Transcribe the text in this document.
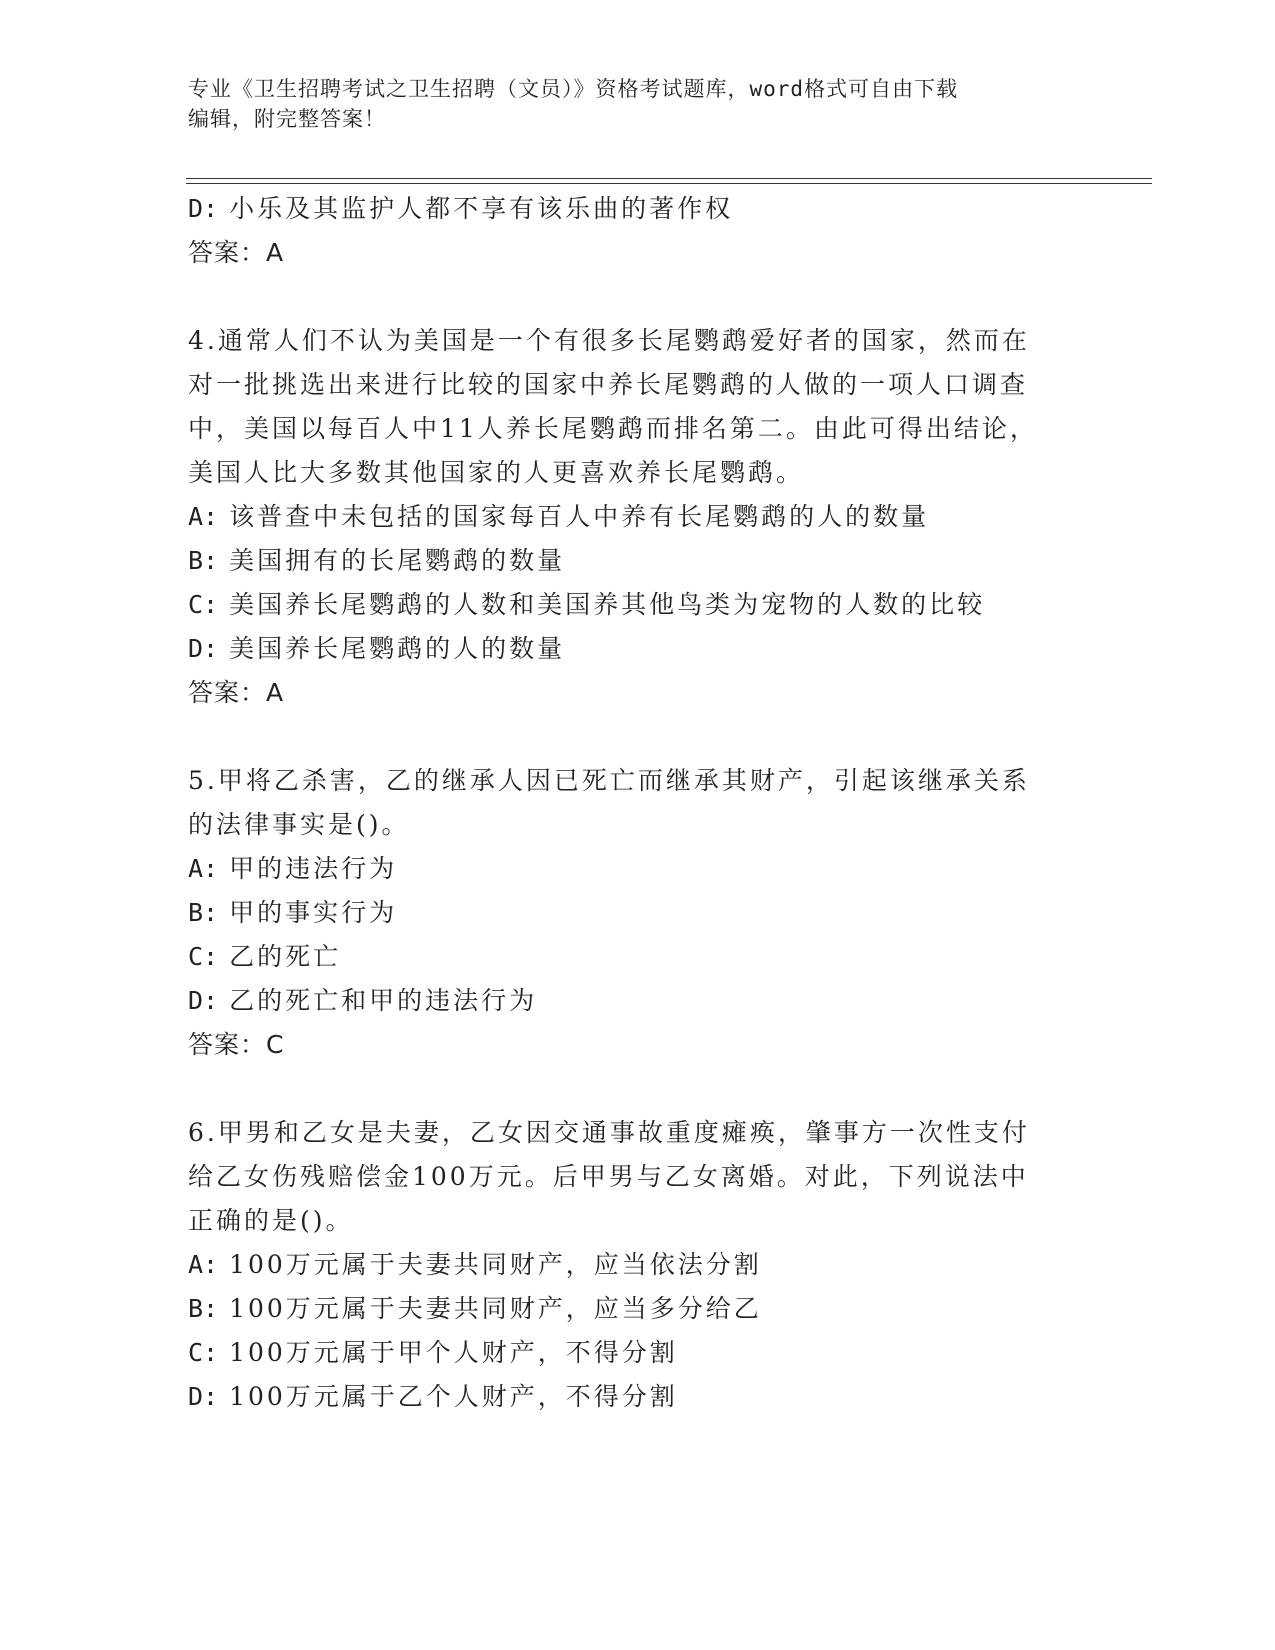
专业《卫生招聘考试之卫生招聘（文员）》资格考试题库，word格式可自由下载
编辑，附完整答案！
D: 小乐及其监护人都不享有该乐曲的著作权
答案：A
4.通常人们不认为美国是一个有很多长尾鹦鹉爱好者的国家，然而在
对一批挑选出来进行比较的国家中养长尾鹦鹉的人做的一项人口调查
中，美国以每百人中11人养长尾鹦鹉而排名第二。由此可得出结论，
美国人比大多数其他国家的人更喜欢养长尾鹦鹉。
A: 该普查中未包括的国家每百人中养有长尾鹦鹉的人的数量
B: 美国拥有的长尾鹦鹉的数量
C: 美国养长尾鹦鹉的人数和美国养其他鸟类为宠物的人数的比较
D: 美国养长尾鹦鹉的人的数量
答案：A
5.甲将乙杀害，乙的继承人因已死亡而继承其财产，引起该继承关系
的法律事实是()。
A: 甲的违法行为
B: 甲的事实行为
C: 乙的死亡
D: 乙的死亡和甲的违法行为
答案：C
6.甲男和乙女是夫妻，乙女因交通事故重度瘫痪，肇事方一次性支付
给乙女伤残赔偿金100万元。后甲男与乙女离婚。对此，下列说法中
正确的是()。
A: 100万元属于夫妻共同财产，应当依法分割
B: 100万元属于夫妻共同财产，应当多分给乙
C: 100万元属于甲个人财产，不得分割
D: 100万元属于乙个人财产，不得分割
